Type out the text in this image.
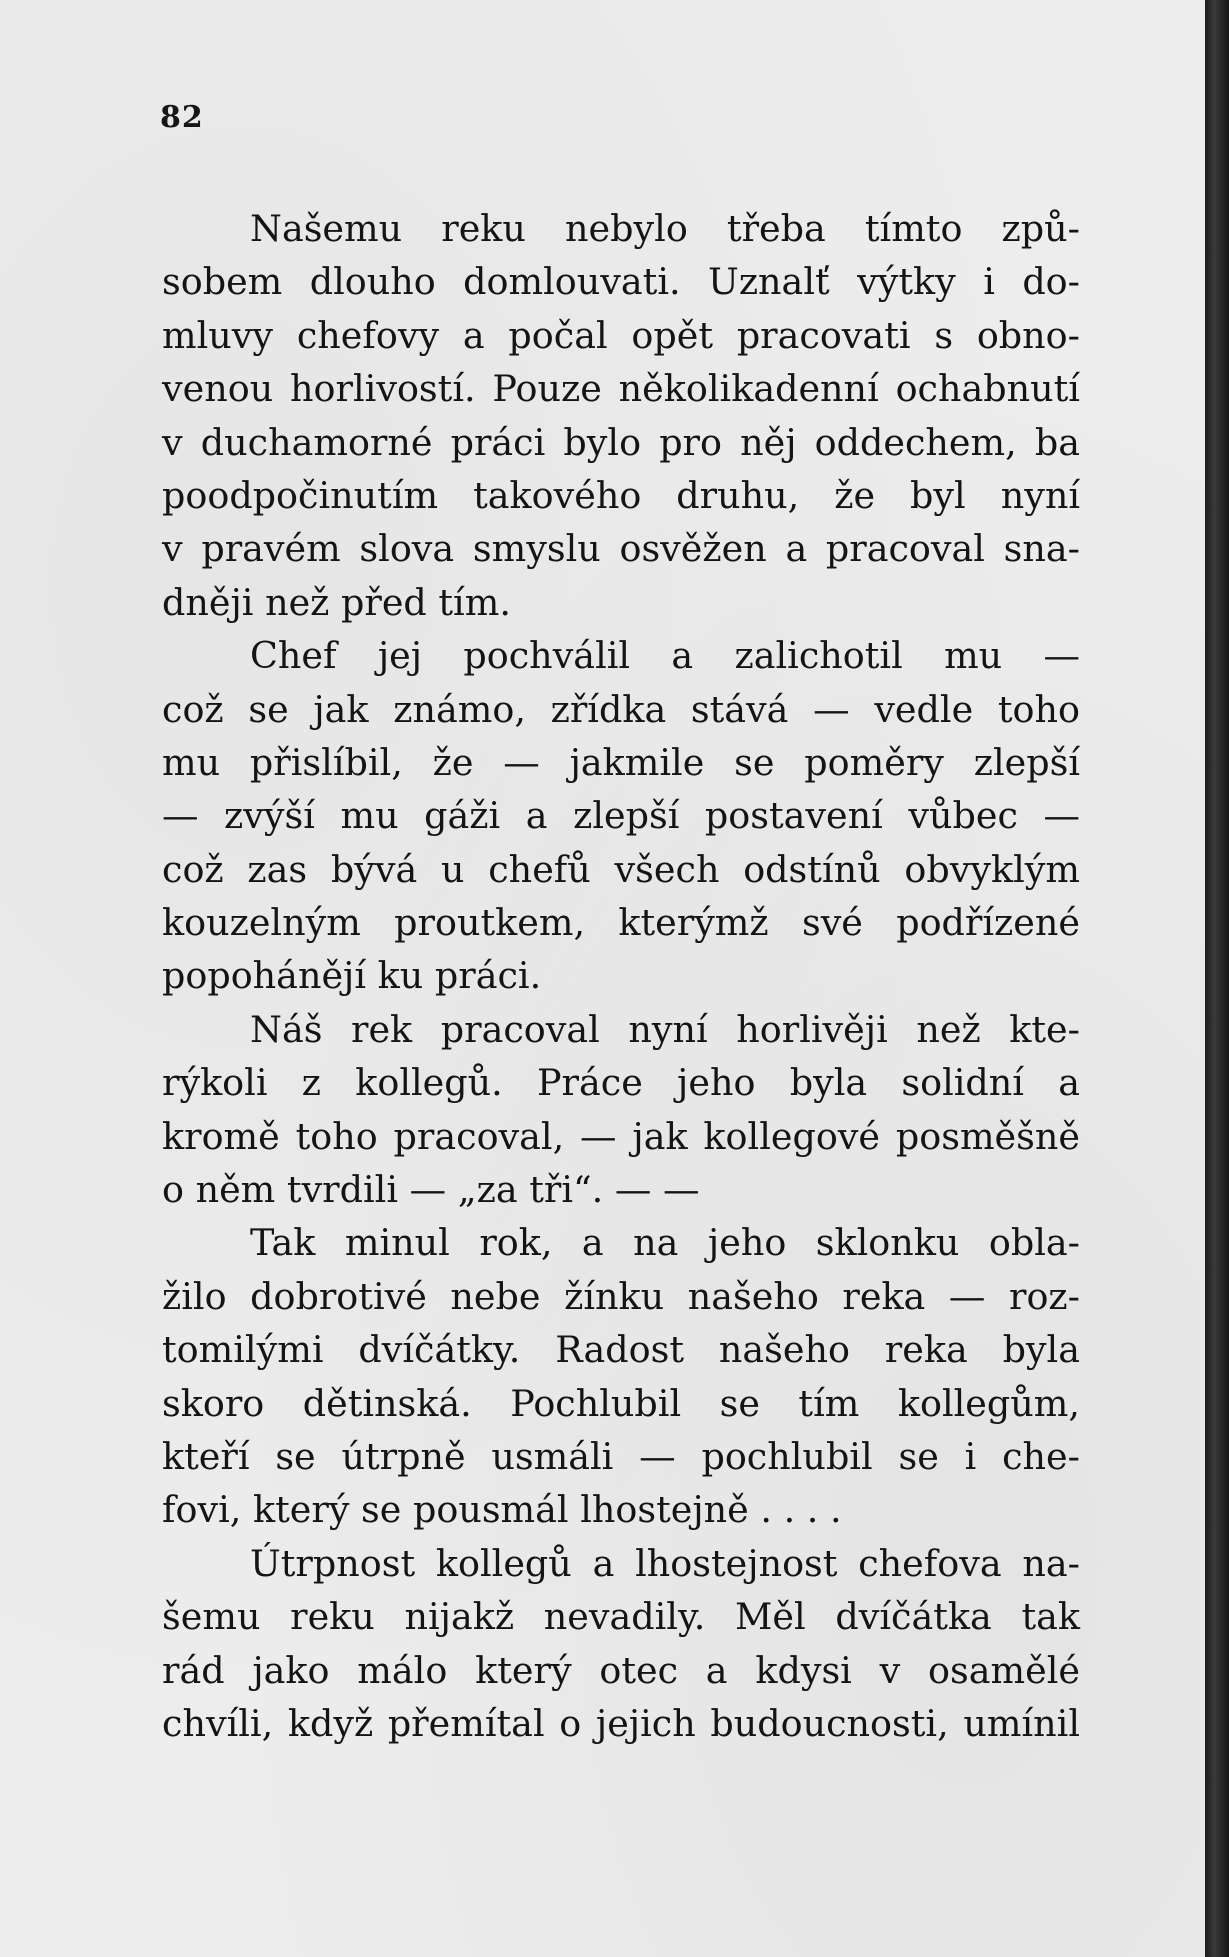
82
Našemu reku nebylo třeba tímto způ-
sobem dlouho domlouvati. Uznalť výtky i do-
mluvy chefovy a počal opět pracovati s obno-
venou horlivostí. Pouze několikadenní ochabnutí
v duchamorné práci bylo pro něj oddechem, ba
poodpočinutím takového druhu, že byl nyní
v pravém slova smyslu osvěžen a pracoval sna-
dněji než před tím.
Chef jej pochválil a zalichotil mu —
což se jak známo, zřídka stává — vedle toho
mu přislíbil, že — jakmile se poměry zlepší
— zvýší mu gáži a zlepší postavení vůbec —
což zas bývá u chefů všech odstínů obvyklým
kouzelným proutkem, kterýmž své podřízené
popohánějí ku práci.
Náš rek pracoval nyní horlivěji než kte-
rýkoli z kollegů. Práce jeho byla solidní a
kromě toho pracoval, — jak kollegové posměšně
o něm tvrdili — „za tři“. — —
Tak minul rok, a na jeho sklonku obla-
žilo dobrotivé nebe žínku našeho reka — roz-
tomilými dvíčátky. Radost našeho reka byla
skoro dětinská. Pochlubil se tím kollegům,
kteří se útrpně usmáli — pochlubil se i che-
fovi, který se pousmál lhostejně . . . .
Útrpnost kollegů a lhostejnost chefova na-
šemu reku nijakž nevadily. Měl dvíčátka tak
rád jako málo který otec a kdysi v osamělé
chvíli, když přemítal o jejich budoucnosti, umínil
